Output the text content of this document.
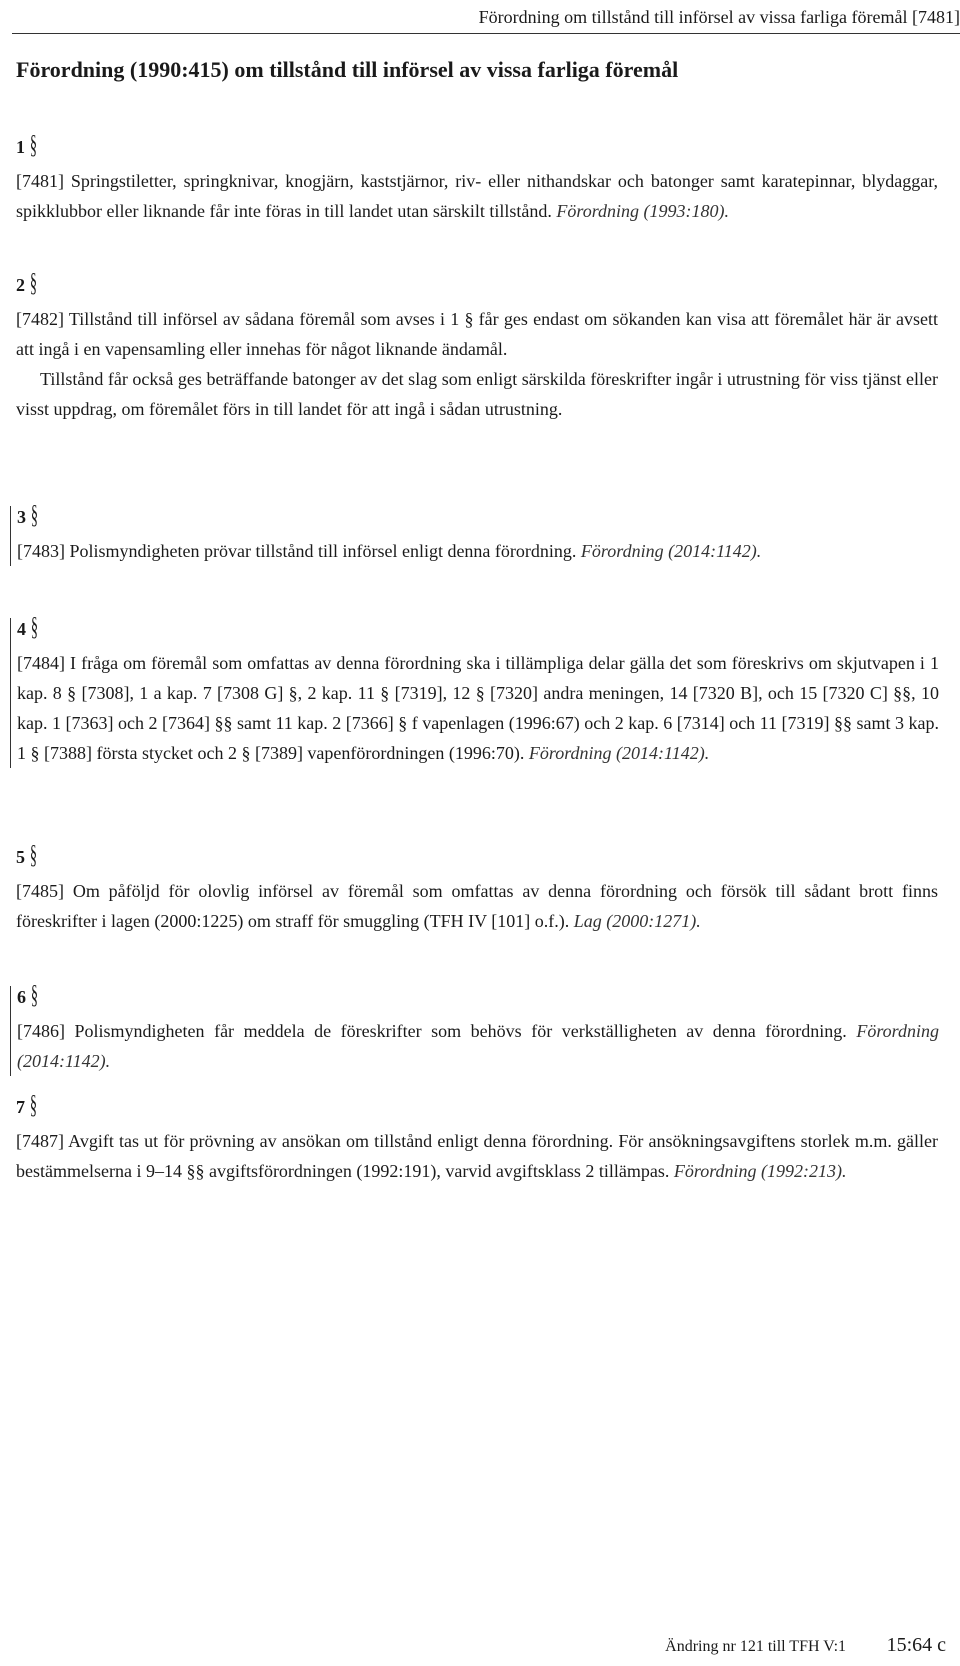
Förordning om tillstånd till införsel av vissa farliga föremål [7481]
Förordning (1990:415) om tillstånd till införsel av vissa farliga föremål
1 §

[7481] Springstiletter, springknivar, knogjärn, kaststjärnor, riv- eller nithandskar och batonger samt karatepinnar, blydaggar, spikklubbor eller liknande får inte föras in till landet utan särskilt tillstånd. Förordning (1993:180).

2 §

[7482] Tillstånd till införsel av sådana föremål som avses i 1 § får ges endast om sökanden kan visa att föremålet här är avsett att ingå i en vapensamling eller innehas för något liknande ändamål.

Tillstånd får också ges beträffande batonger av det slag som enligt särskilda föreskrifter ingår i utrustning för viss tjänst eller visst uppdrag, om föremålet förs in till landet för att ingå i sådan utrustning.

3 §

[7483] Polismyndigheten prövar tillstånd till införsel enligt denna förordning. Förordning (2014:1142).

4 §

[7484] I fråga om föremål som omfattas av denna förordning ska i tillämpliga delar gälla det som föreskrivs om skjutvapen i 1 kap. 8 § [7308], 1 a kap. 7 [7308 G] §, 2 kap. 11 § [7319], 12 § [7320] andra meningen, 14 [7320 B], och 15 [7320 C] §§, 10 kap. 1 [7363] och 2 [7364] §§ samt 11 kap. 2 [7366] § f vapenlagen (1996:67) och 2 kap. 6 [7314] och 11 [7319] §§ samt 3 kap. 1 § [7388] första stycket och 2 § [7389] vapenförordningen (1996:70). Förordning (2014:1142).

5 §

[7485] Om påföljd för olovlig införsel av föremål som omfattas av denna förordning och försök till sådant brott finns föreskrifter i lagen (2000:1225) om straff för smuggling (TFH IV [101] o.f.). Lag (2000:1271).

6 §

[7486] Polismyndigheten får meddela de föreskrifter som behövs för verkställigheten av denna förordning. Förordning (2014:1142).

7 §

[7487] Avgift tas ut för prövning av ansökan om tillstånd enligt denna förordning. För ansökningsavgiftens storlek m.m. gäller bestämmelserna i 9–14 §§ avgiftsförordningen (1992:191), varvid avgiftsklass 2 tillämpas. Förordning (1992:213).

Ändring nr 121 till TFH V:1 15:64 c
